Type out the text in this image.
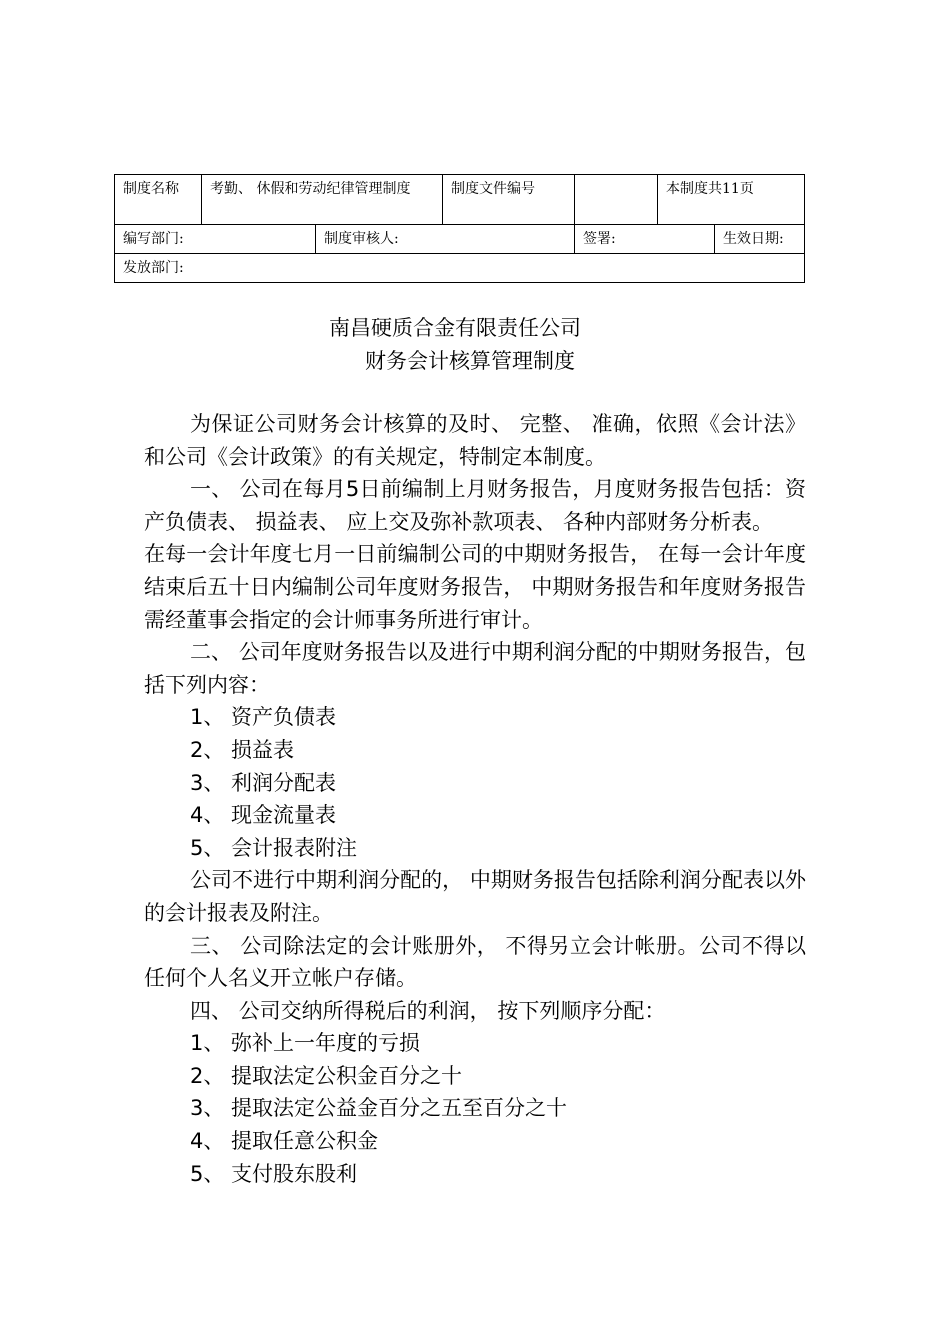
制度名称	考勤、 休假和劳动纪律管理制度		制度文件编号		本制度共11页	
编写部门:		制度审核人:		签署:		生效日期:
发放部门:						
南昌硬质合金有限责任公司
财务会计核算管理制度

为保证公司财务会计核算的及时、 完整、 准确，依照《会计法》和公司《会计政策》的有关规定，特制定本制度。

一、 公司在每月5日前编制上月财务报告，月度财务报告包括：资产负债表、 损益表、 应上交及弥补款项表、 各种内部财务分析表。

在每一会计年度七月一日前编制公司的中期财务报告， 在每一会计年度结束后五十日内编制公司年度财务报告， 中期财务报告和年度财务报告需经董事会指定的会计师事务所进行审计。

二、 公司年度财务报告以及进行中期利润分配的中期财务报告，包括下列内容：

1、 资产负债表

2、 损益表

3、 利润分配表

4、 现金流量表

5、 会计报表附注

公司不进行中期利润分配的， 中期财务报告包括除利润分配表以外的会计报表及附注。

三、 公司除法定的会计账册外， 不得另立会计帐册。公司不得以任何个人名义开立帐户存储。

四、 公司交纳所得税后的利润， 按下列顺序分配：

1、 弥补上一年度的亏损

2、 提取法定公积金百分之十

3、 提取法定公益金百分之五至百分之十

4、 提取任意公积金

5、 支付股东股利
